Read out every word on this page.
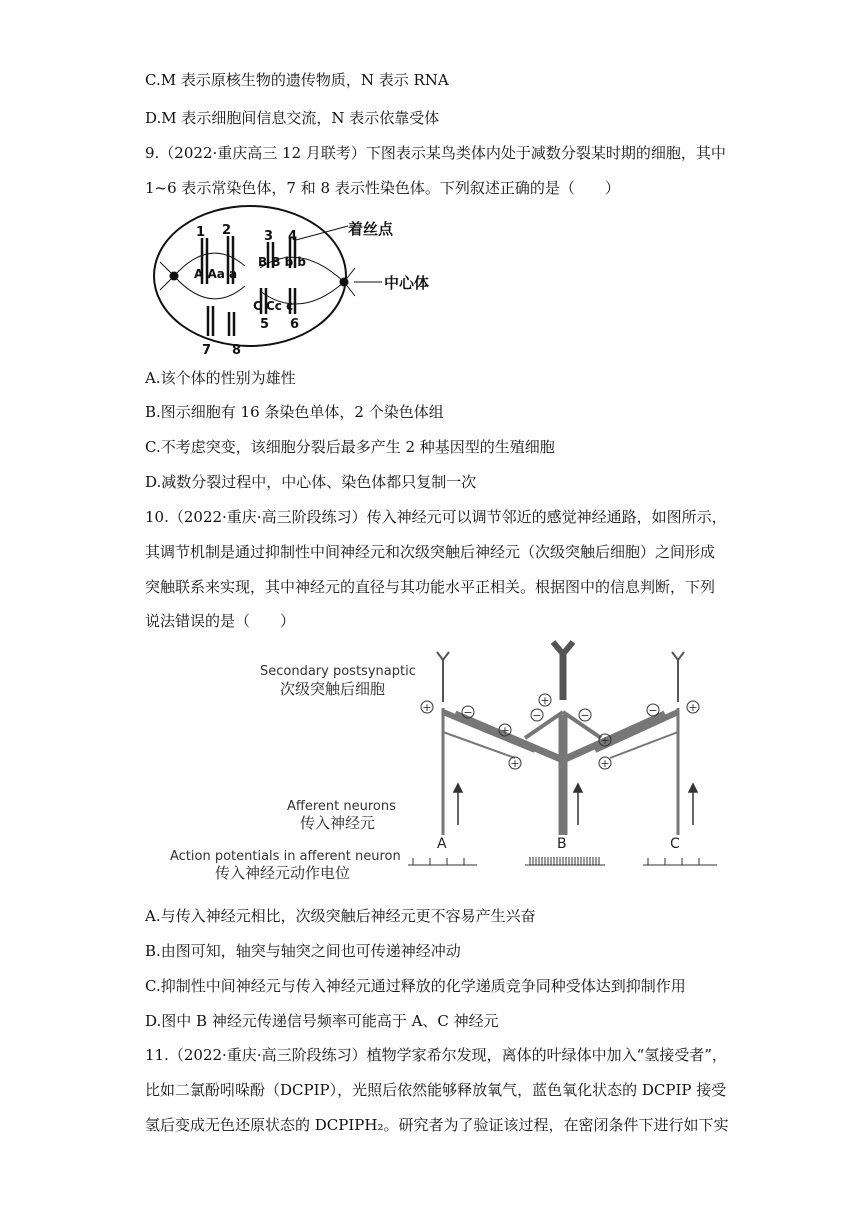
C.M 表示原核生物的遗传物质，N 表示 RNA
D.M 表示细胞间信息交流，N 表示依靠受体
9.（2022·重庆高三 12 月联考）下图表示某鸟类体内处于减数分裂某时期的细胞，其中
1~6 表示常染色体，7 和 8 表示性染色体。下列叙述正确的是（　　）
1 2	3 4
7 8
5 6
A Aa a
B B b b
C Cc c
着丝点
中心体
A.该个体的性别为雄性
B.图示细胞有 16 条染色单体，2 个染色体组
C.不考虑突变，该细胞分裂后最多产生 2 种基因型的生殖细胞
D.减数分裂过程中，中心体、染色体都只复制一次
10.（2022·重庆·高三阶段练习）传入神经元可以调节邻近的感觉神经通路，如图所示，
其调节机制是通过抑制性中间神经元和次级突触后神经元（次级突触后细胞）之间形成
突触联系来实现，其中神经元的直径与其功能水平正相关。根据图中的信息判断，下列
说法错误的是（　　）
Secondary postsynaptic
次级突触后细胞
Afferent neurons
传入神经元
Action potentials in afferent neuron
传入神经元动作电位
+	−
+
+
+
−	−
+
+
−	+
A	B	C
A.与传入神经元相比，次级突触后神经元更不容易产生兴奋
B.由图可知，轴突与轴突之间也可传递神经冲动
C.抑制性中间神经元与传入神经元通过释放的化学递质竞争同种受体达到抑制作用
D.图中 B 神经元传递信号频率可能高于 A、C 神经元
11.（2022·重庆·高三阶段练习）植物学家希尔发现，离体的叶绿体中加入“氢接受者”，
比如二氯酚吲哚酚（DCPIP），光照后依然能够释放氧气，蓝色氧化状态的 DCPIP 接受
氢后变成无色还原状态的 DCPIPH₂。研究者为了验证该过程，在密闭条件下进行如下实
